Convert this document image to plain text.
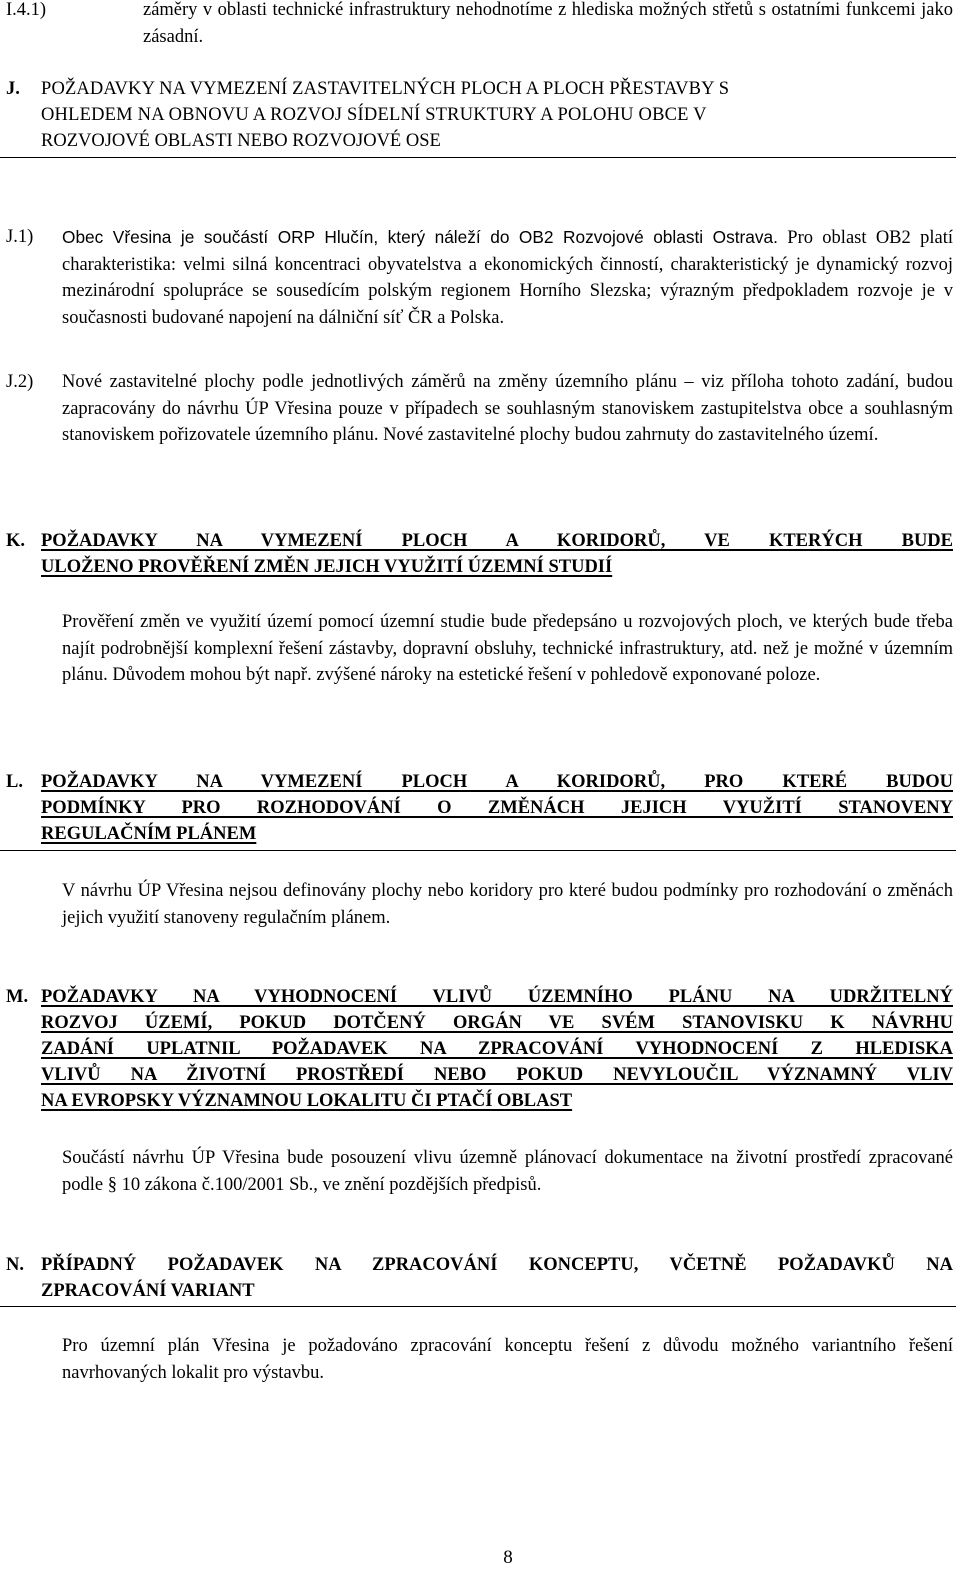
I.4.1)	záměry v oblasti technické infrastruktury nehodnotíme z hlediska možných střetů s ostatními funkcemi jako zásadní.
J. POŽADAVKY NA VYMEZENÍ ZASTAVITELNÝCH PLOCH A PLOCH PŘESTAVBY S
OHLEDEM NA OBNOVU A ROZVOJ SÍDELNÍ STRUKTURY A POLOHU OBCE V
ROZVOJOVÉ OBLASTI NEBO ROZVOJOVÉ OSE
J.1) Obec Vřesina je součástí ORP Hlučín, který náleží do OB2 Rozvojové oblasti Ostrava. Pro oblast OB2 platí charakteristika: velmi silná koncentraci obyvatelstva a ekonomických činností, charakteristický je dynamický rozvoj mezinárodní spolupráce se sousedícím polským regionem Horního Slezska; výrazným předpokladem rozvoje je v současnosti budované napojení na dálniční síť ČR a Polska.
J.2) Nové zastavitelné plochy podle jednotlivých záměrů na změny územního plánu – viz příloha tohoto zadání, budou zapracovány do návrhu ÚP Vřesina pouze v případech se souhlasným stanoviskem zastupitelstva obce a souhlasným stanoviskem pořizovatele územního plánu. Nové zastavitelné plochy budou zahrnuty do zastavitelného území.
K. POŽADAVKY NA VYMEZENÍ PLOCH A KORIDORŮ, VE KTERÝCH BUDE
ULOŽENO PROVĚŘENÍ ZMĚN JEJICH VYUŽITÍ ÚZEMNÍ STUDIÍ
Prověření změn ve využití území pomocí územní studie bude předepsáno u rozvojových ploch, ve kterých bude třeba najít podrobnější komplexní řešení zástavby, dopravní obsluhy, technické infrastruktury, atd. než je možné v územním plánu. Důvodem mohou být např. zvýšené nároky na estetické řešení v pohledově exponované poloze.
L. POŽADAVKY NA VYMEZENÍ PLOCH A KORIDORŮ, PRO KTERÉ BUDOU
PODMÍNKY PRO ROZHODOVÁNÍ O ZMĚNÁCH JEJICH VYUŽITÍ STANOVENY
REGULAČNÍM PLÁNEM
V návrhu ÚP Vřesina nejsou definovány plochy nebo koridory pro které budou podmínky pro rozhodování o změnách jejich využití stanoveny regulačním plánem.
M. POŽADAVKY NA VYHODNOCENÍ VLIVŮ ÚZEMNÍHO PLÁNU NA UDRŽITELNÝ
ROZVOJ ÚZEMÍ, POKUD DOTČENÝ ORGÁN VE SVÉM STANOVISKU K NÁVRHU
ZADÁNÍ UPLATNIL POŽADAVEK NA ZPRACOVÁNÍ VYHODNOCENÍ Z HLEDISKA
VLIVŮ NA ŽIVOTNÍ PROSTŘEDÍ NEBO POKUD NEVYLOUČIL VÝZNAMNÝ VLIV
NA EVROPSKY VÝZNAMNOU LOKALITU ČI PTAČÍ OBLAST
Součástí návrhu ÚP Vřesina bude posouzení vlivu územně plánovací dokumentace na životní prostředí zpracované podle § 10 zákona č.100/2001 Sb., ve znění pozdějších předpisů.
N. PŘÍPADNÝ POŽADAVEK NA ZPRACOVÁNÍ KONCEPTU, VČETNĚ POŽADAVKŮ NA
ZPRACOVÁNÍ VARIANT
Pro územní plán Vřesina je požadováno zpracování konceptu řešení z důvodu možného variantního řešení navrhovaných lokalit pro výstavbu.
8
